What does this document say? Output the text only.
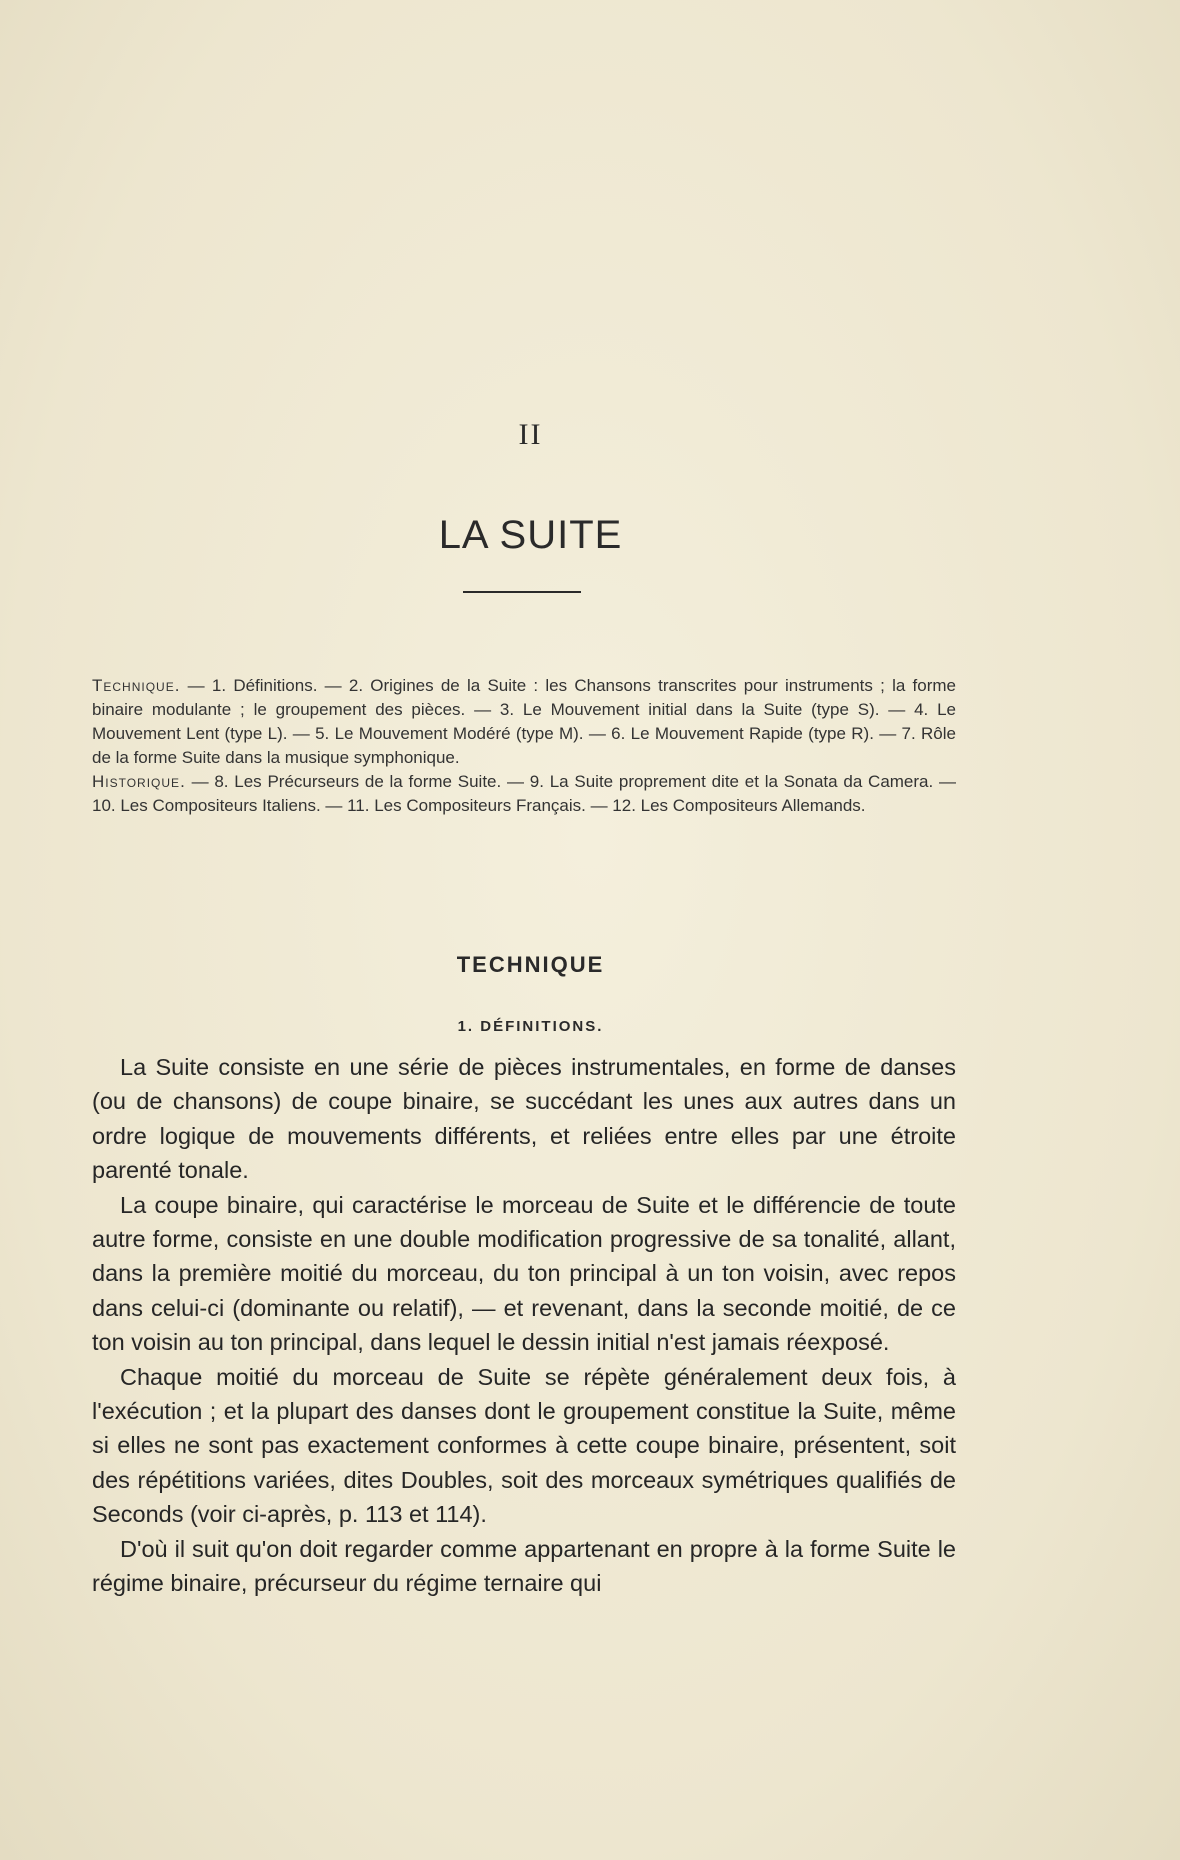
II
LA SUITE

Technique. — 1. Définitions. — 2. Origines de la Suite : les Chansons transcrites pour instruments ; la forme binaire modulante ; le groupement des pièces. — 3. Le Mouvement initial dans la Suite (type S). — 4. Le Mouvement Lent (type L). — 5. Le Mouvement Modéré (type M). — 6. Le Mouvement Rapide (type R). — 7. Rôle de la forme Suite dans la musique symphonique.

Historique. — 8. Les Précurseurs de la forme Suite. — 9. La Suite proprement dite et la Sonata da Camera. — 10. Les Compositeurs Italiens. — 11. Les Compositeurs Français. — 12. Les Compositeurs Allemands.

TECHNIQUE
1. DÉFINITIONS.

La Suite consiste en une série de pièces instrumentales, en forme de danses (ou de chansons) de coupe binaire, se succédant les unes aux autres dans un ordre logique de mouvements différents, et reliées entre elles par une étroite parenté tonale.

La coupe binaire, qui caractérise le morceau de Suite et le différencie de toute autre forme, consiste en une double modification progressive de sa tonalité, allant, dans la première moitié du morceau, du ton principal à un ton voisin, avec repos dans celui-ci (dominante ou relatif), — et revenant, dans la seconde moitié, de ce ton voisin au ton principal, dans lequel le dessin initial n'est jamais réexposé.

Chaque moitié du morceau de Suite se répète généralement deux fois, à l'exécution ; et la plupart des danses dont le groupement constitue la Suite, même si elles ne sont pas exactement conformes à cette coupe binaire, présentent, soit des répétitions variées, dites Doubles, soit des morceaux symétriques qualifiés de Seconds (voir ci-après, p. 113 et 114).

D'où il suit qu'on doit regarder comme appartenant en propre à la forme Suite le régime binaire, précurseur du régime ternaire qui
